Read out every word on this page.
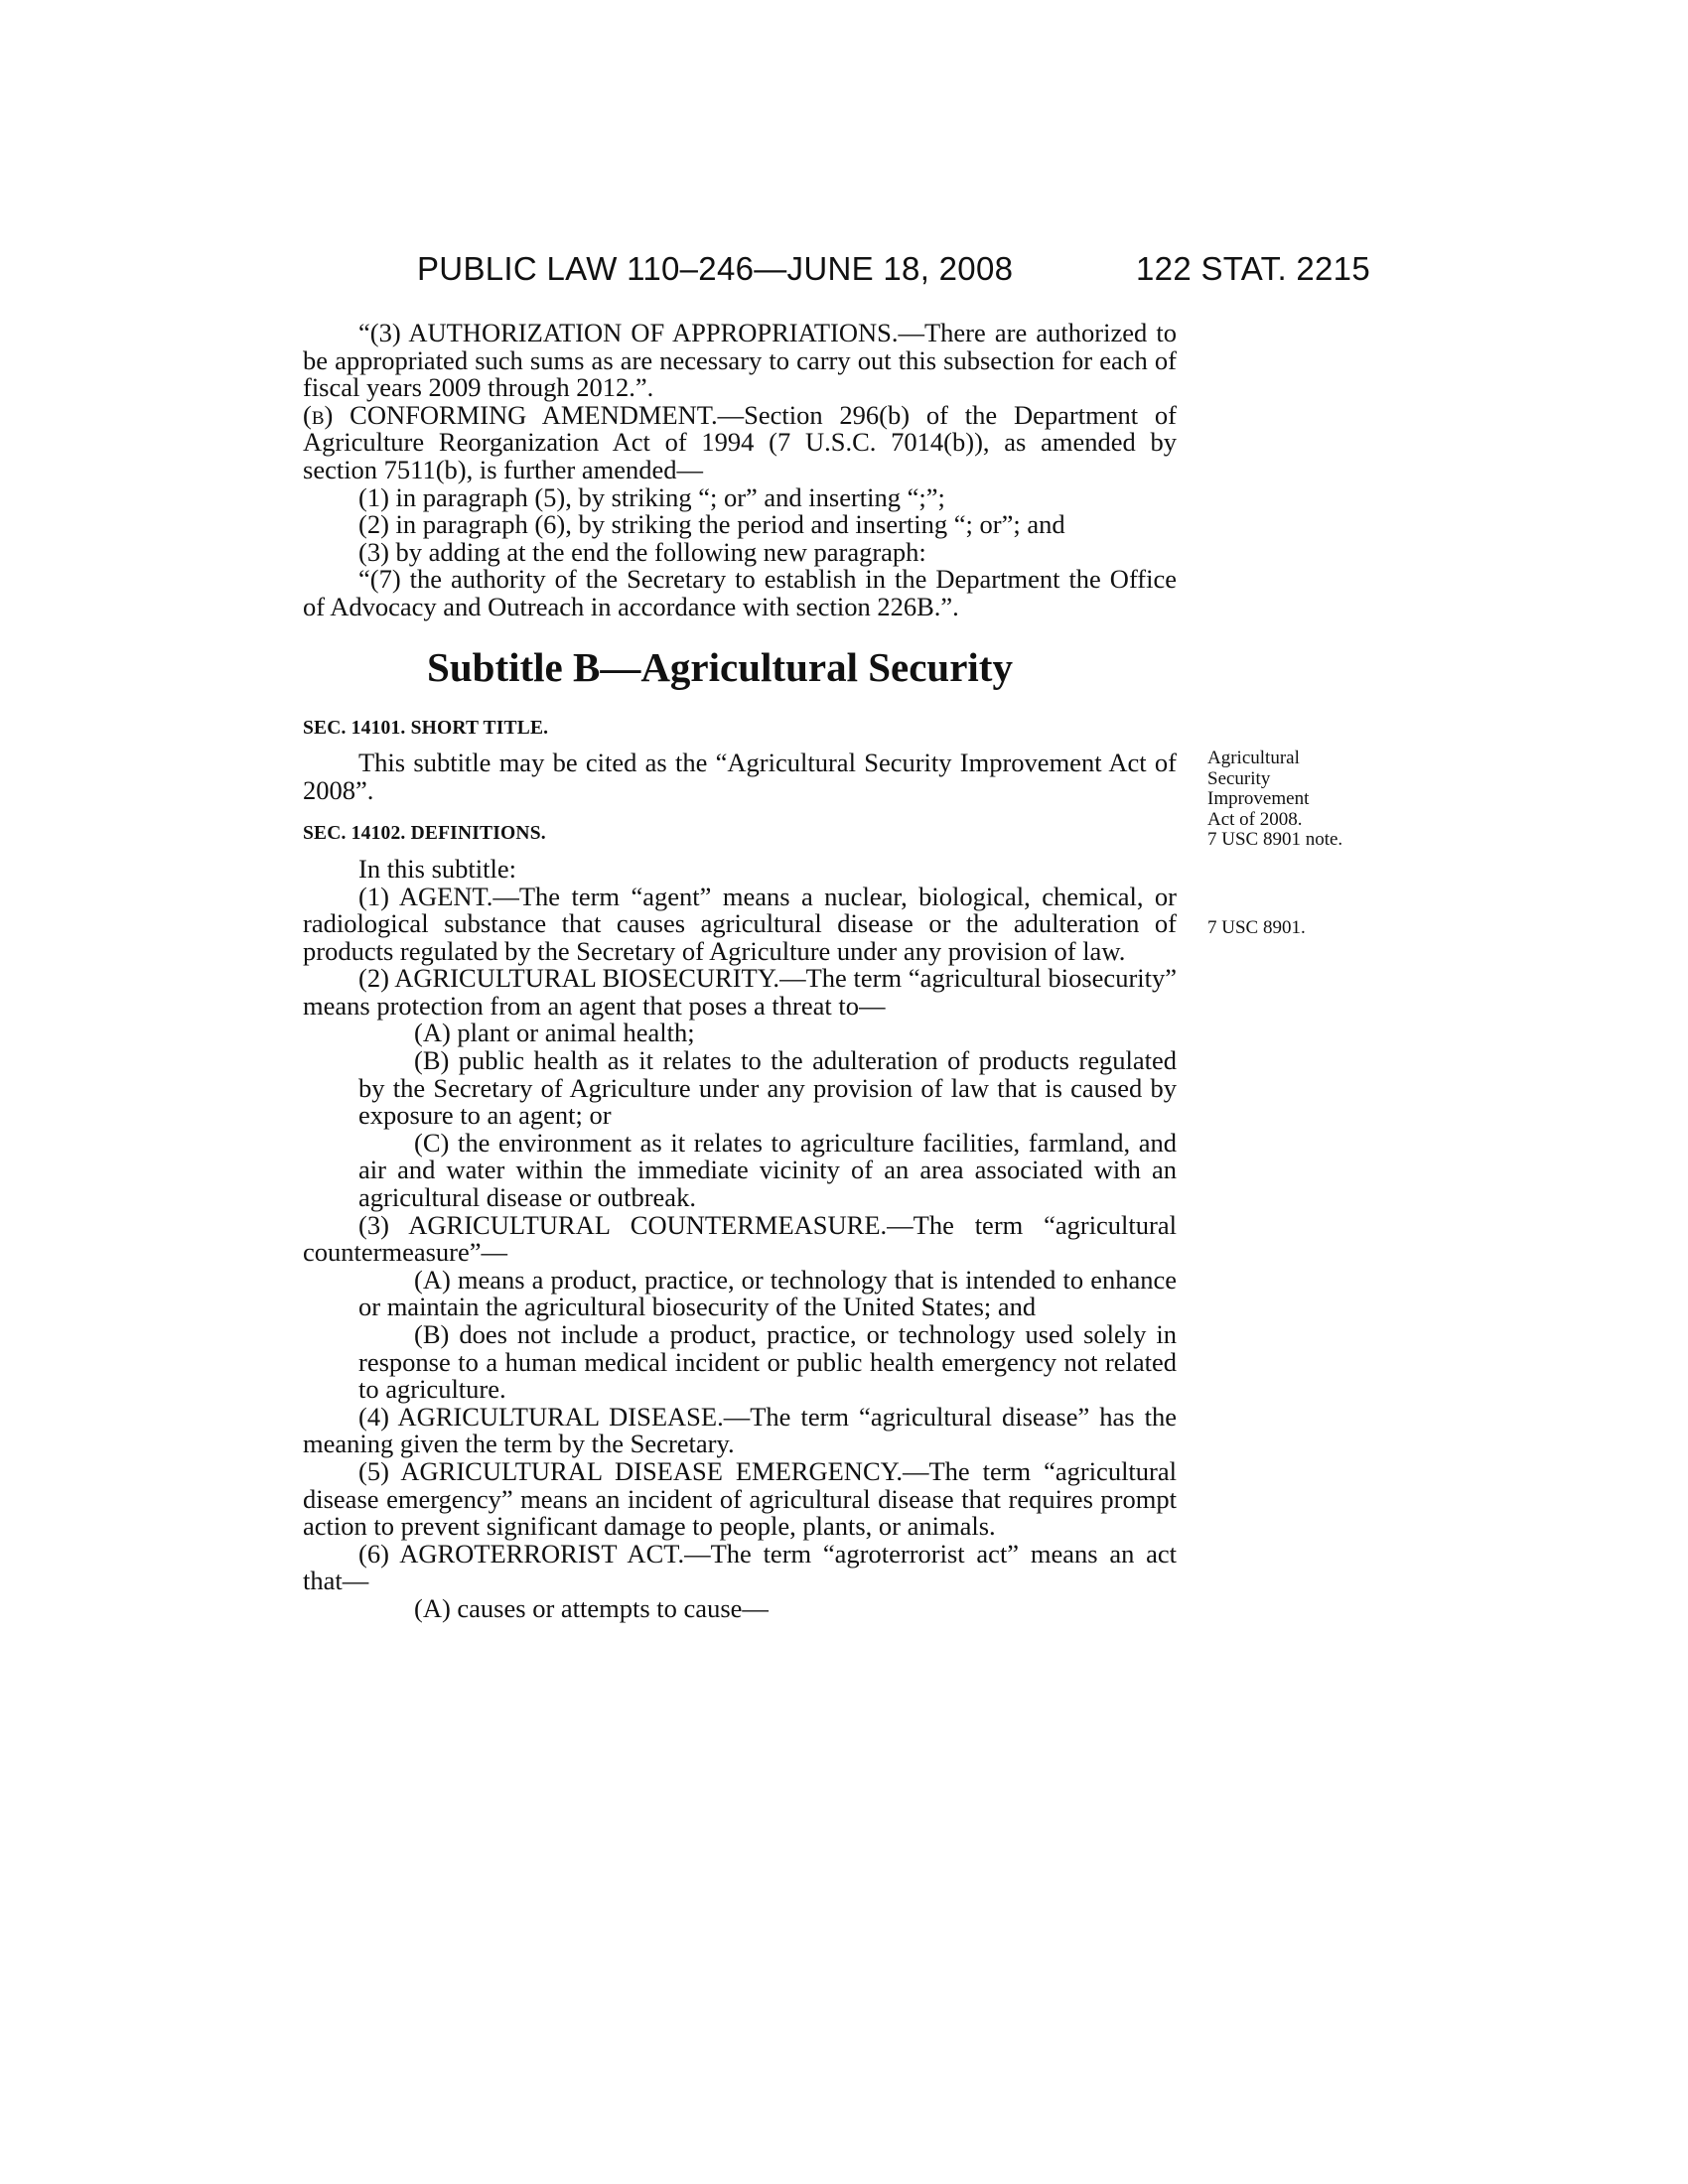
PUBLIC LAW 110–246—JUNE 18, 2008	122 STAT. 2215

“(3) AUTHORIZATION OF APPROPRIATIONS.—There are authorized to be appropriated such sums as are necessary to carry out this subsection for each of fiscal years 2009 through 2012.”.

(b) CONFORMING AMENDMENT.—Section 296(b) of the Department of Agriculture Reorganization Act of 1994 (7 U.S.C. 7014(b)), as amended by section 7511(b), is further amended—

(1) in paragraph (5), by striking “; or” and inserting “;”;

(2) in paragraph (6), by striking the period and inserting “; or”; and

(3) by adding at the end the following new paragraph:

“(7) the authority of the Secretary to establish in the Department the Office of Advocacy and Outreach in accordance with section 226B.”.

Subtitle B—Agricultural Security
SEC. 14101. SHORT TITLE.

This subtitle may be cited as the “Agricultural Security Improvement Act of 2008”.

SEC. 14102. DEFINITIONS.

In this subtitle:

(1) AGENT.—The term “agent” means a nuclear, biological, chemical, or radiological substance that causes agricultural disease or the adulteration of products regulated by the Secretary of Agriculture under any provision of law.

(2) AGRICULTURAL BIOSECURITY.—The term “agricultural biosecurity” means protection from an agent that poses a threat to—

(A) plant or animal health;

(B) public health as it relates to the adulteration of products regulated by the Secretary of Agriculture under any provision of law that is caused by exposure to an agent; or

(C) the environment as it relates to agriculture facilities, farmland, and air and water within the immediate vicinity of an area associated with an agricultural disease or outbreak.

(3) AGRICULTURAL COUNTERMEASURE.—The term “agricultural countermeasure”—

(A) means a product, practice, or technology that is intended to enhance or maintain the agricultural biosecurity of the United States; and

(B) does not include a product, practice, or technology used solely in response to a human medical incident or public health emergency not related to agriculture.

(4) AGRICULTURAL DISEASE.—The term “agricultural disease” has the meaning given the term by the Secretary.

(5) AGRICULTURAL DISEASE EMERGENCY.—The term “agricultural disease emergency” means an incident of agricultural disease that requires prompt action to prevent significant damage to people, plants, or animals.

(6) AGROTERRORIST ACT.—The term “agroterrorist act” means an act that—

(A) causes or attempts to cause—

Agricultural
Security
Improvement
Act of 2008.
7 USC 8901 note.
7 USC 8901.
